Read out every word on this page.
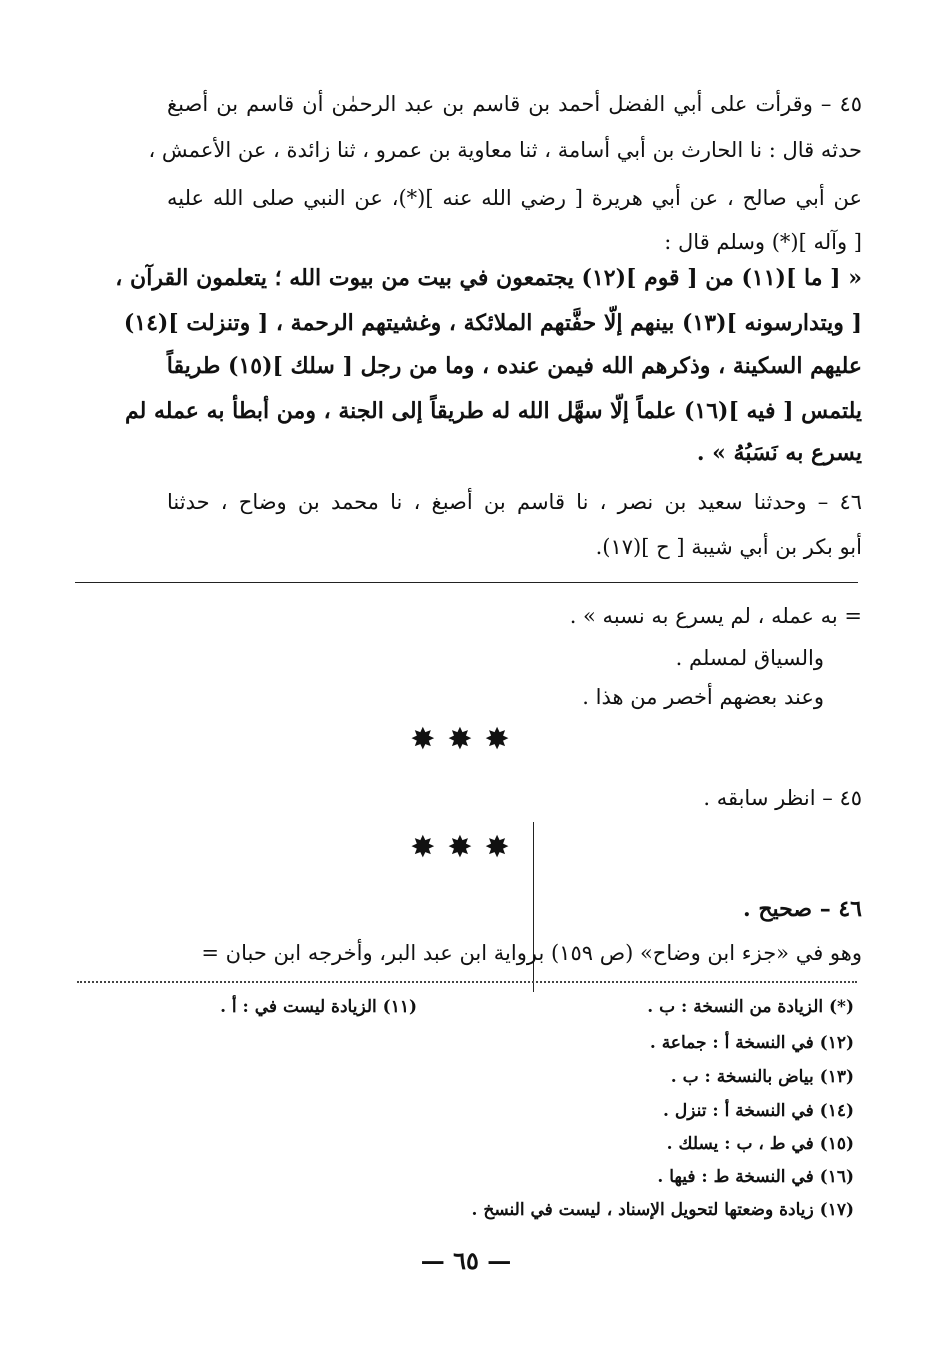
٤٥ – وقرأت على أبي الفضل أحمد بن قاسم بن عبد الرحمٰن أن قاسم بن أصبغ
حدثه قال : نا الحارث بن أبي أسامة ، ثنا معاوية بن عمرو ، ثنا زائدة ، عن الأعمش ،
عن أبي صالح ، عن أبي هريرة [ رضي الله عنه ](*)، عن النبي صلى الله عليه
[ وآله ](*) وسلم قال :
« [ ما ](١١) من [ قوم ](١٢) يجتمعون في بيت من بيوت الله ؛ يتعلمون القرآن ،
[ ويتدارسونه ](١٣) بينهم إلّا حفَّتهم الملائكة ، وغشيتهم الرحمة ، [ وتنزلت ](١٤)
عليهم السكينة ، وذكرهم الله فيمن عنده ، وما من رجل [ سلك ](١٥) طريقاً
يلتمس [ فيه ](١٦) علماً إلّا سهَّل الله له طريقاً إلى الجنة ، ومن أبطأ به عمله لم
يسرع به نَسَبُهُ » .
٤٦ – وحدثنا سعيد بن نصر ، نا قاسم بن أصبغ ، نا محمد بن وضاح ، حدثنا
أبو بكر بن أبي شيبة [ ح ](١٧).
= به عمله ، لم يسرع به نسبه » .
والسياق لمسلم .
وعند بعضهم أخصر من هذا .
✸✸✸
٤٥ – انظر سابقه .
✸✸✸
٤٦ – صحيح .
وهو في «جزء ابن وضاح» (ص ١٥٩) برواية ابن عبد البر، وأخرجه ابن حبان =
(*) الزيادة من النسخة : ب .
(١١) الزيادة ليست في : أ .
(١٢) في النسخة أ : جماعة .
(١٣) بياض بالنسخة : ب .
(١٤) في النسخة أ : تنزل .
(١٥) في ط ، ب : يسلك .
(١٦) في النسخة ط : فيها .
(١٧) زيادة وضعتها لتحويل الإسناد ، ليست في النسخ .
— ٦٥ —
